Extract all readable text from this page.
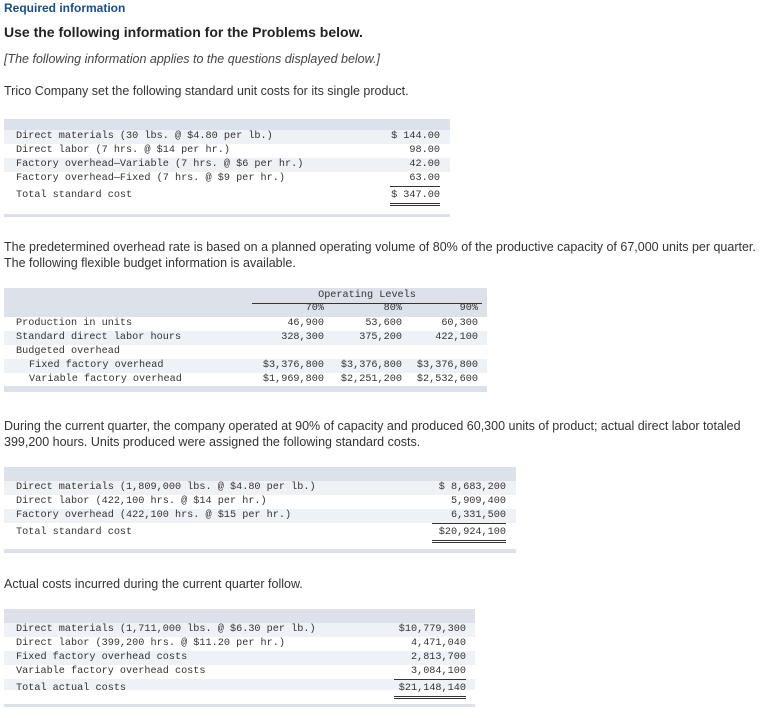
Required information
Use the following information for the Problems below.
[The following information applies to the questions displayed below.]
Trico Company set the following standard unit costs for its single product.
Direct materials (30 lbs. @ $4.80 per lb.)	$ 144.00
Direct labor (7 hrs. @ $14 per hr.)	98.00
Factory overhead—Variable (7 hrs. @ $6 per hr.)	42.00
Factory overhead—Fixed (7 hrs. @ $9 per hr.)	63.00
Total standard cost	$ 347.00
The predetermined overhead rate is based on a planned operating volume of 80% of the productive capacity of 67,000 units per quarter. The following flexible budget information is available.
Operating Levels
70%	80%	90%
Production in units	46,900	53,600	60,300
Standard direct labor hours	328,300	375,200	422,100
Budgeted overhead
Fixed factory overhead	$3,376,800	$3,376,800	$3,376,800
Variable factory overhead	$1,969,800	$2,251,200	$2,532,600
During the current quarter, the company operated at 90% of capacity and produced 60,300 units of product; actual direct labor totaled 399,200 hours. Units produced were assigned the following standard costs.
Direct materials (1,809,000 lbs. @ $4.80 per lb.)	$ 8,683,200
Direct labor (422,100 hrs. @ $14 per hr.)	5,909,400
Factory overhead (422,100 hrs. @ $15 per hr.)	6,331,500
Total standard cost	$20,924,100
Actual costs incurred during the current quarter follow.
Direct materials (1,711,000 lbs. @ $6.30 per lb.)	$10,779,300
Direct labor (399,200 hrs. @ $11.20 per hr.)	4,471,040
Fixed factory overhead costs	2,813,700
Variable factory overhead costs	3,084,100
Total actual costs	$21,148,140
